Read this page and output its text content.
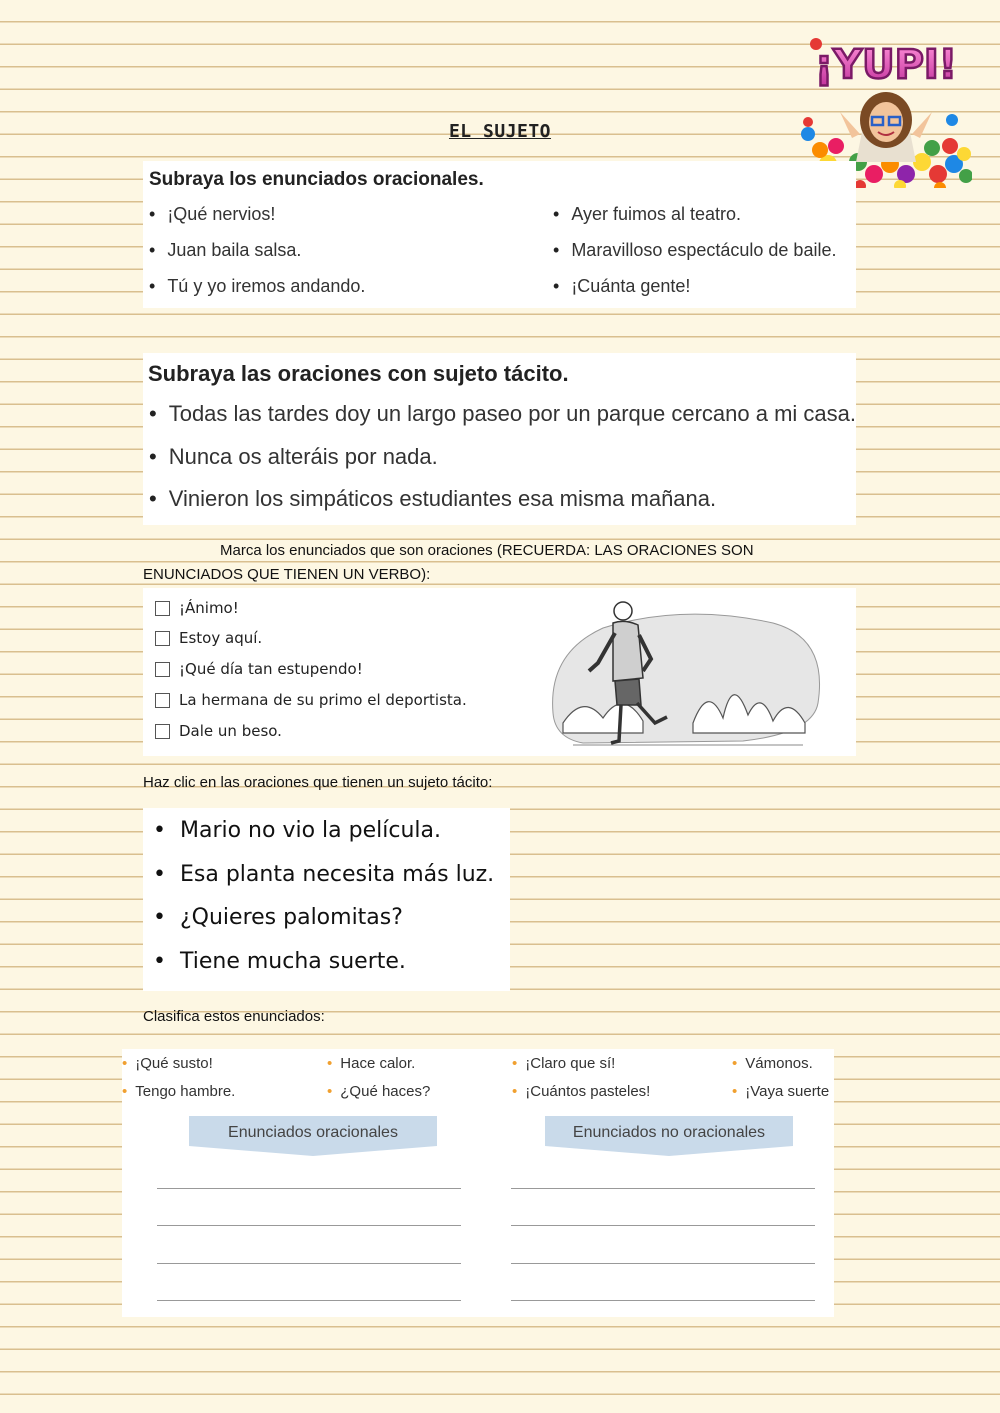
EL SUJETO
¡YUPI!
Subraya los enunciados oracionales.
• ¡Qué nervios!
• Juan baila salsa.
• Tú y yo iremos andando.
• Ayer fuimos al teatro.
• Maravilloso espectáculo de baile.
• ¡Cuánta gente!
Subraya las oraciones con sujeto tácito.
• Todas las tardes doy un largo paseo por un parque cercano a mi casa.
• Nunca os alteráis por nada.
• Vinieron los simpáticos estudiantes esa misma mañana.
Marca los enunciados que son oraciones (RECUERDA: LAS ORACIONES SON
ENUNCIADOS QUE TIENEN UN VERBO):
¡Ánimo!
Estoy aquí.
¡Qué día tan estupendo!
La hermana de su primo el deportista.
Dale un beso.
Haz clic en las oraciones que tienen un sujeto tácito:
• Mario no vio la película.
• Esa planta necesita más luz.
• ¿Quieres palomitas?
• Tiene mucha suerte.
Clasifica estos enunciados:
• ¡Qué susto!
• Tengo hambre.
• Hace calor.
• ¿Qué haces?
• ¡Claro que sí!
• ¡Cuántos pasteles!
• Vámonos.
• ¡Vaya suerte
Enunciados oracionales	Enunciados no oracionales
